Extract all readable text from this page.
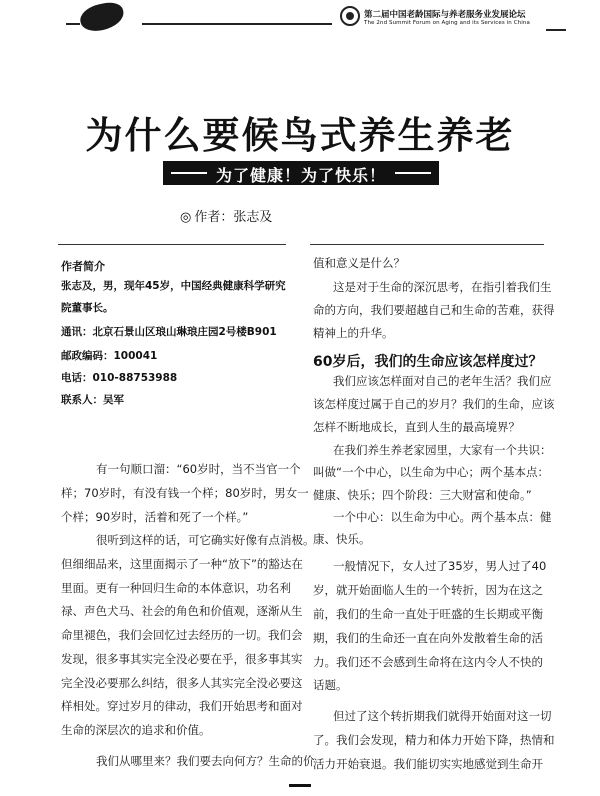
第二届中国老龄国际与养老服务业发展论坛
The 2nd Summit Forum on Aging and its Services in China
为什么要候鸟式养生养老
为了健康！为了快乐！
◎ 作者：张志及
作者简介
张志及，男，现年45岁，中国经典健康科学研究
院董事长。
通讯：北京石景山区琅山琳琅庄园2号楼B901
邮政编码：100041
电话：010-88753988
联系人：吴军
有一句顺口溜：“60岁时，当不当官一个
样；70岁时，有没有钱一个样；80岁时，男女一
个样；90岁时，活着和死了一个样。”
很听到这样的话，可它确实好像有点消极。
但细细品来，这里面揭示了一种“放下”的豁达在
里面。更有一种回归生命的本体意识，功名利
禄、声色犬马、社会的角色和价值观，逐渐从生
命里褪色，我们会回忆过去经历的一切。我们会
发现，很多事其实完全没必要在乎，很多事其实
完全没必要那么纠结，很多人其实完全没必要这
样相处。穿过岁月的律动，我们开始思考和面对
生命的深层次的追求和价值。
我们从哪里来？我们要去向何方？生命的价
值和意义是什么？
这是对于生命的深沉思考，在指引着我们生
命的方向，我们要超越自己和生命的苦难，获得
精神上的升华。
60岁后，我们的生命应该怎样度过？
我们应该怎样面对自己的老年生活？我们应
该怎样度过属于自己的岁月？我们的生命，应该
怎样不断地成长，直到人生的最高境界？
在我们养生养老家园里，大家有一个共识：
叫做“一个中心，以生命为中心；两个基本点：
健康、快乐；四个阶段：三大财富和使命。”
一个中心：以生命为中心。两个基本点：健
康、快乐。
一般情况下，女人过了35岁，男人过了40
岁，就开始面临人生的一个转折，因为在这之
前，我们的生命一直处于旺盛的生长期或平衡
期，我们的生命还一直在向外发散着生命的活
力。我们还不会感到生命将在这内令人不快的
话题。
但过了这个转折期我们就得开始面对这一切
了。我们会发现，精力和体力开始下降，热情和
活力开始衰退。我们能切实实地感觉到生命开
